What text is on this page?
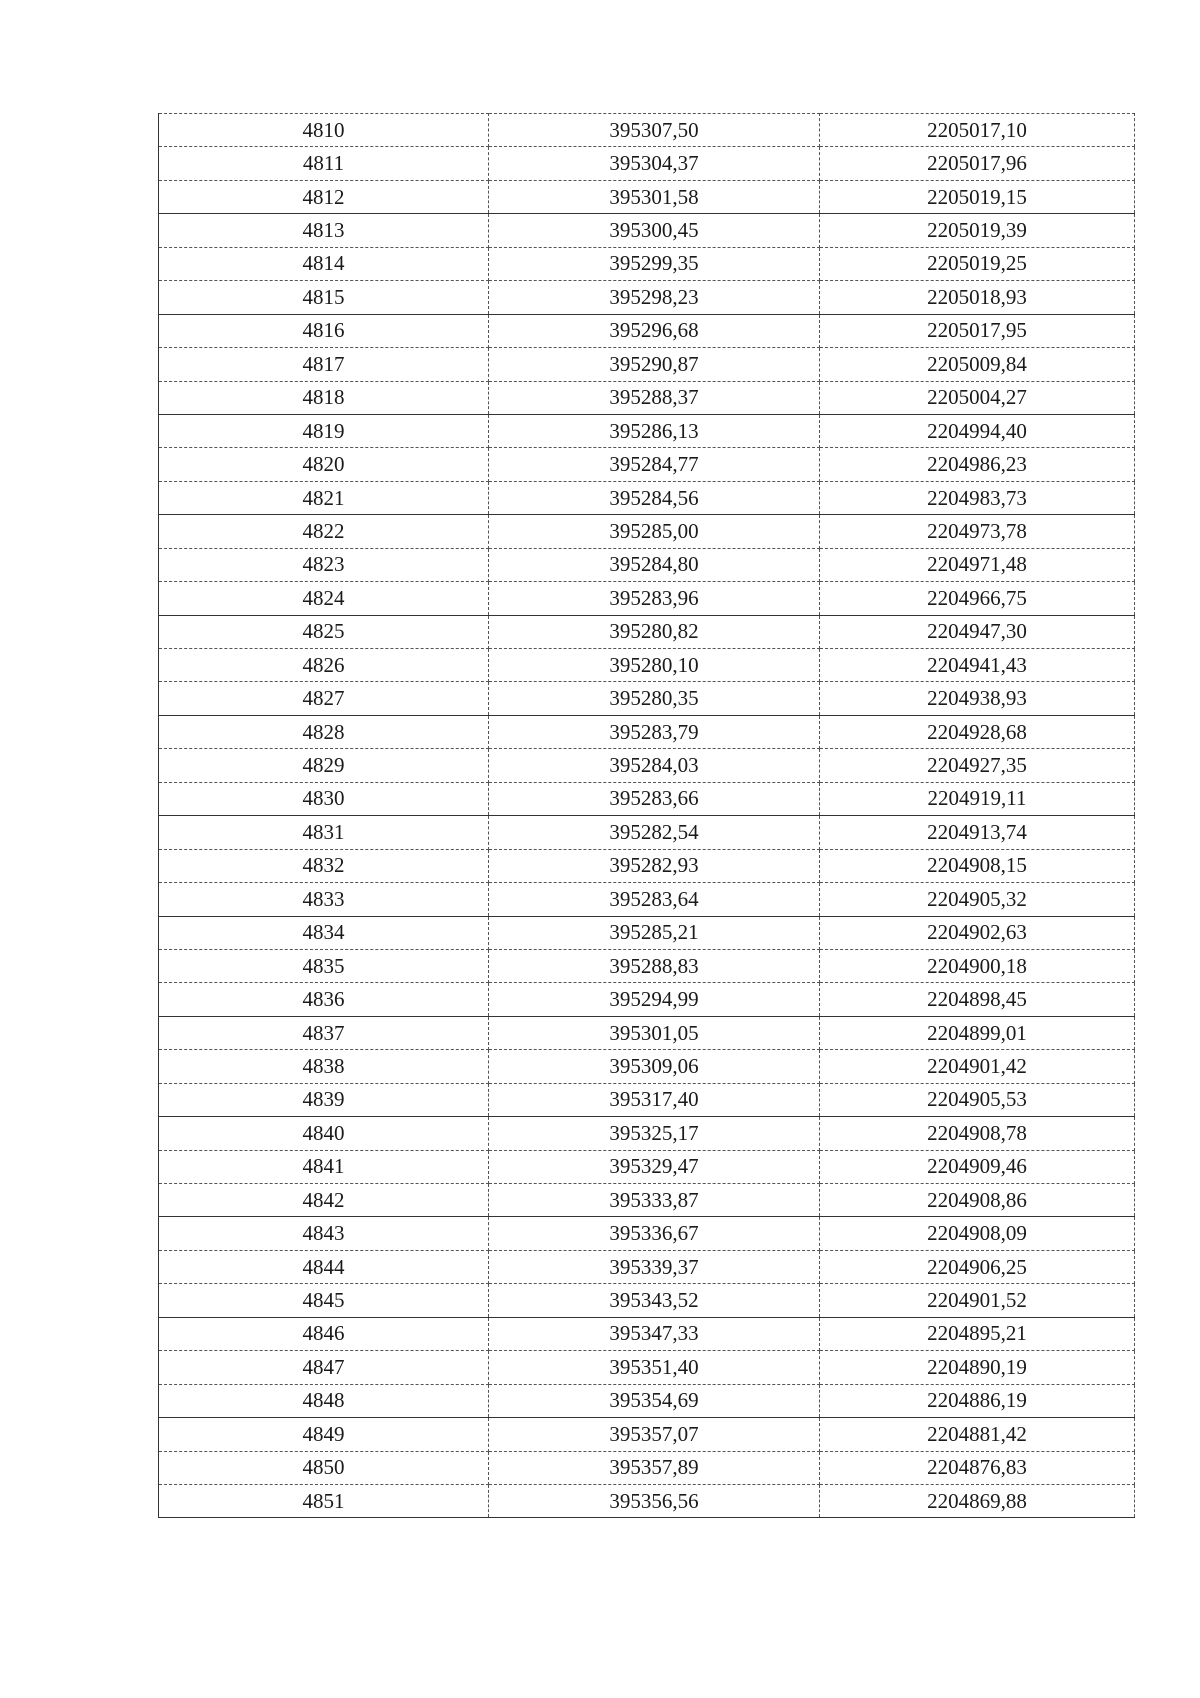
4810	395307,50	2205017,10
4811	395304,37	2205017,96
4812	395301,58	2205019,15
4813	395300,45	2205019,39
4814	395299,35	2205019,25
4815	395298,23	2205018,93
4816	395296,68	2205017,95
4817	395290,87	2205009,84
4818	395288,37	2205004,27
4819	395286,13	2204994,40
4820	395284,77	2204986,23
4821	395284,56	2204983,73
4822	395285,00	2204973,78
4823	395284,80	2204971,48
4824	395283,96	2204966,75
4825	395280,82	2204947,30
4826	395280,10	2204941,43
4827	395280,35	2204938,93
4828	395283,79	2204928,68
4829	395284,03	2204927,35
4830	395283,66	2204919,11
4831	395282,54	2204913,74
4832	395282,93	2204908,15
4833	395283,64	2204905,32
4834	395285,21	2204902,63
4835	395288,83	2204900,18
4836	395294,99	2204898,45
4837	395301,05	2204899,01
4838	395309,06	2204901,42
4839	395317,40	2204905,53
4840	395325,17	2204908,78
4841	395329,47	2204909,46
4842	395333,87	2204908,86
4843	395336,67	2204908,09
4844	395339,37	2204906,25
4845	395343,52	2204901,52
4846	395347,33	2204895,21
4847	395351,40	2204890,19
4848	395354,69	2204886,19
4849	395357,07	2204881,42
4850	395357,89	2204876,83
4851	395356,56	2204869,88
